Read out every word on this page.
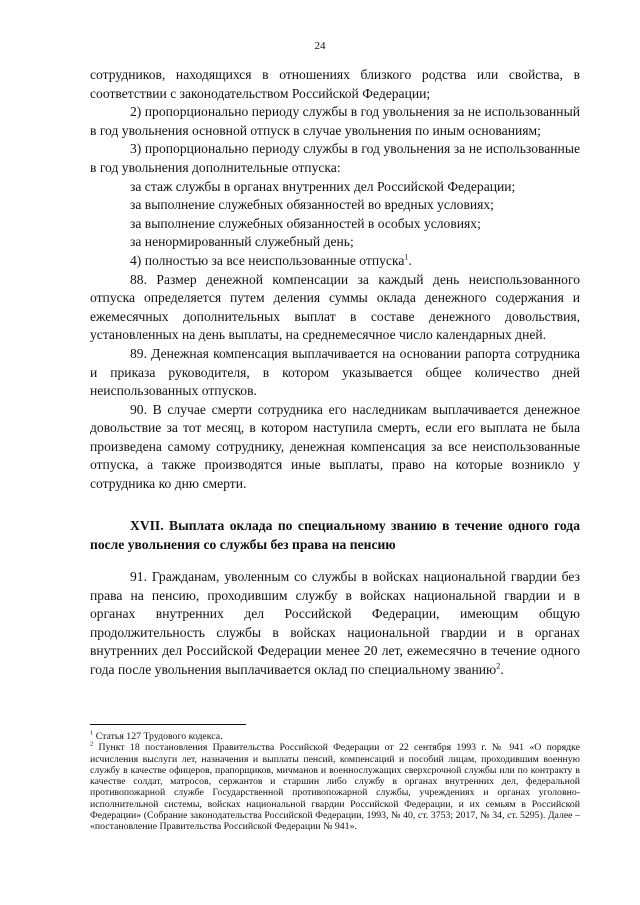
24

сотрудников, находящихся в отношениях близкого родства или свойства, в соответствии с законодательством Российской Федерации;

2) пропорционально периоду службы в год увольнения за не использованный в год увольнения основной отпуск в случае увольнения по иным основаниям;

3) пропорционально периоду службы в год увольнения за не использованные в год увольнения дополнительные отпуска:

за стаж службы в органах внутренних дел Российской Федерации;

за выполнение служебных обязанностей во вредных условиях;

за выполнение служебных обязанностей в особых условиях;

за ненормированный служебный день;

4) полностью за все неиспользованные отпуска$^1$.

88. Размер денежной компенсации за каждый день неиспользованного отпуска определяется путем деления суммы оклада денежного содержания и ежемесячных дополнительных выплат в составе денежного довольствия, установленных на день выплаты, на среднемесячное число календарных дней.

89. Денежная компенсация выплачивается на основании рапорта сотрудника и приказа руководителя, в котором указывается общее количество дней неиспользованных отпусков.

90. В случае смерти сотрудника его наследникам выплачивается денежное довольствие за тот месяц, в котором наступила смерть, если его выплата не была произведена самому сотруднику, денежная компенсация за все неиспользованные отпуска, а также производятся иные выплаты, право на которые возникло у сотрудника ко дню смерти.

XVII. Выплата оклада по специальному званию в течение одного года после увольнения со службы без права на пенсию

91. Гражданам, уволенным со службы в войсках национальной гвардии без права на пенсию, проходившим службу в войсках национальной гвардии и в органах внутренних дел Российской Федерации, имеющим общую продолжительность службы в войсках национальной гвардии и в органах внутренних дел Российской Федерации менее 20 лет, ежемесячно в течение одного года после увольнения выплачивается оклад по специальному званию$^2$.

$^1$ Статья 127 Трудового кодекса.

$^2$ Пункт 18 постановления Правительства Российской Федерации от 22 сентября 1993 г. № 941 «О порядке исчисления выслуги лет, назначения и выплаты пенсий, компенсаций и пособий лицам, проходившим военную службу в качестве офицеров, прапорщиков, мичманов и военнослужащих сверхсрочной службы или по контракту в качестве солдат, матросов, сержантов и старшин либо службу в органах внутренних дел, федеральной противопожарной службе Государственной противопожарной службы, учреждениях и органах уголовно-исполнительной системы, войсках национальной гвардии Российской Федерации, и их семьям в Российской Федерации» (Собрание законодательства Российской Федерации, 1993, № 40, ст. 3753; 2017, № 34, ст. 5295). Далее – «постановление Правительства Российской Федерации № 941».
